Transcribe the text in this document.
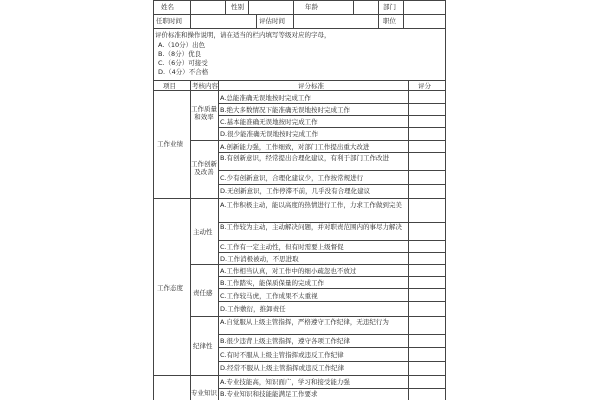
姓名	性别	年龄	部门
任职时间	评估时间	职位
评价标准和操作说明，请在适当的栏内填写等级对应的字母，
A.（10分）出色
B.（8分）优良
C.（6分）可接受
D.（4分）不合格
项目 考核内容	评分标准	评分
工作业绩
工作质量和效率
A.总能准确无误地按时完成工作
B.绝大多数情况下能准确无误地按时完成工作
C.基本能准确无误地按时完成工作
D.很少能准确无误地按时完成工作
工作创新及改善
A.创新能力强，工作细致，对部门工作提出重大改进
B.有创新意识，经常提出合理化建议，有利于部门工作改进
C.少有创新意识，合理化建议少，工作按常规进行
D.无创新意识，工作停滞不前，几乎没有合理化建议
工作态度
主动性
A.工作积极主动，能以高度的热情进行工作，力求工作做到完美
B.工作较为主动，主动解决问题，并对职责范围内的事尽力解决
C.工作有一定主动性，但有时需要上级督促
D.工作消极被动，不思进取
责任感
A.工作相当认真，对工作中的细小疏忽也不放过
B.工作踏实，能保质保量的完成工作
C.工作较马虎，工作成果不太重视
D.工作敷衍，推卸责任
纪律性
A.自觉服从上级主管指挥，严格遵守工作纪律，无违纪行为
B.很少违背上级主管指挥，遵守各项工作纪律
C.有时不服从上级主管指挥或违反工作纪律
D.经常不服从上级主管指挥或违反工作纪律
专业知识
A.专业技能高，知识面广，学习和接受能力强
B.专业知识和技能能满足工作要求
